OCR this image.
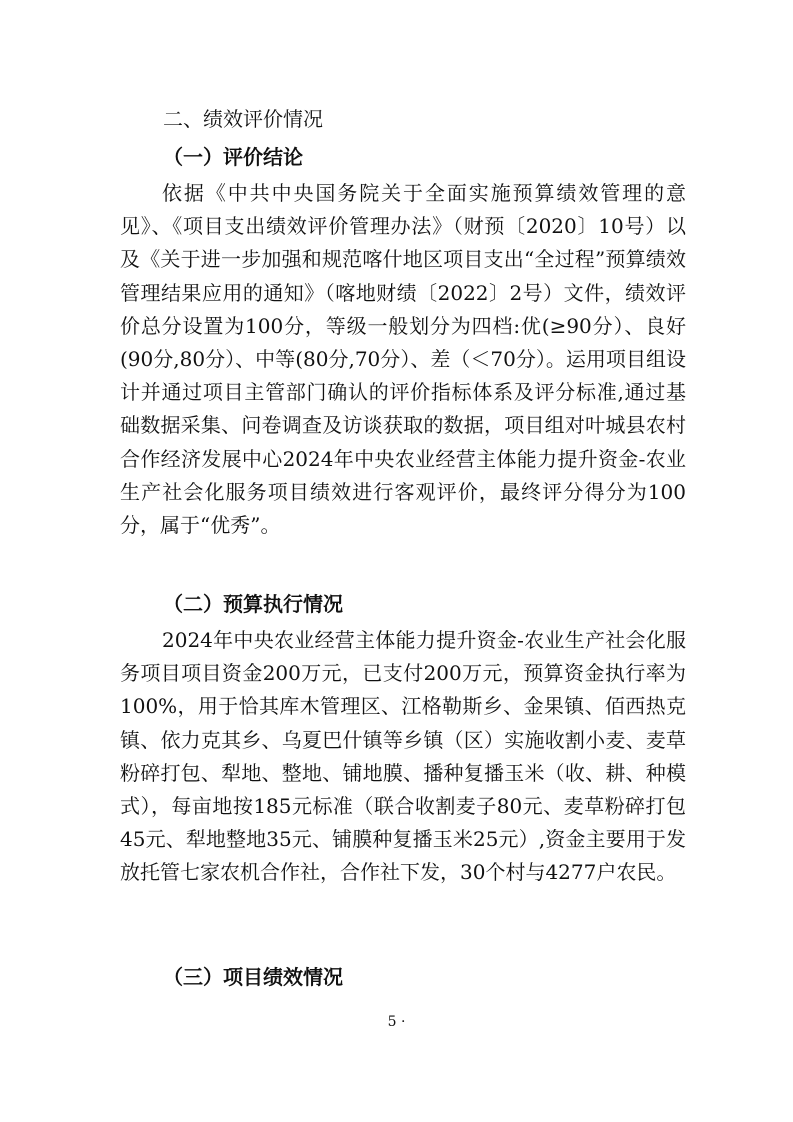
二、绩效评价情况
（一）评价结论

依据《中共中央国务院关于全面实施预算绩效管理的意见》、《项目支出绩效评价管理办法》（财预〔2020〕10号）以及《关于进一步加强和规范喀什地区项目支出“全过程”预算绩效管理结果应用的通知》（喀地财绩〔2022〕2号）文件，绩效评价总分设置为100分，等级一般划分为四档:优(≥90分）、良好(90分,80分）、中等(80分,70分）、差（＜70分）。运用项目组设计并通过项目主管部门确认的评价指标体系及评分标准,通过基础数据采集、问卷调查及访谈获取的数据，项目组对叶城县农村合作经济发展中心2024年中央农业经营主体能力提升资金-农业生产社会化服务项目绩效进行客观评价，最终评分得分为100分，属于“优秀”。

（二）预算执行情况

2024年中央农业经营主体能力提升资金-农业生产社会化服务项目项目资金200万元，已支付200万元，预算资金执行率为100%，用于恰其库木管理区、江格勒斯乡、金果镇、佰西热克镇、依力克其乡、乌夏巴什镇等乡镇（区）实施收割小麦、麦草粉碎打包、犁地、整地、铺地膜、播种复播玉米（收、耕、种模式），每亩地按185元标准（联合收割麦子80元、麦草粉碎打包45元、犁地整地35元、铺膜种复播玉米25元）,资金主要用于发放托管七家农机合作社，合作社下发，30个村与4277户农民。

（三）项目绩效情况
5 ·
